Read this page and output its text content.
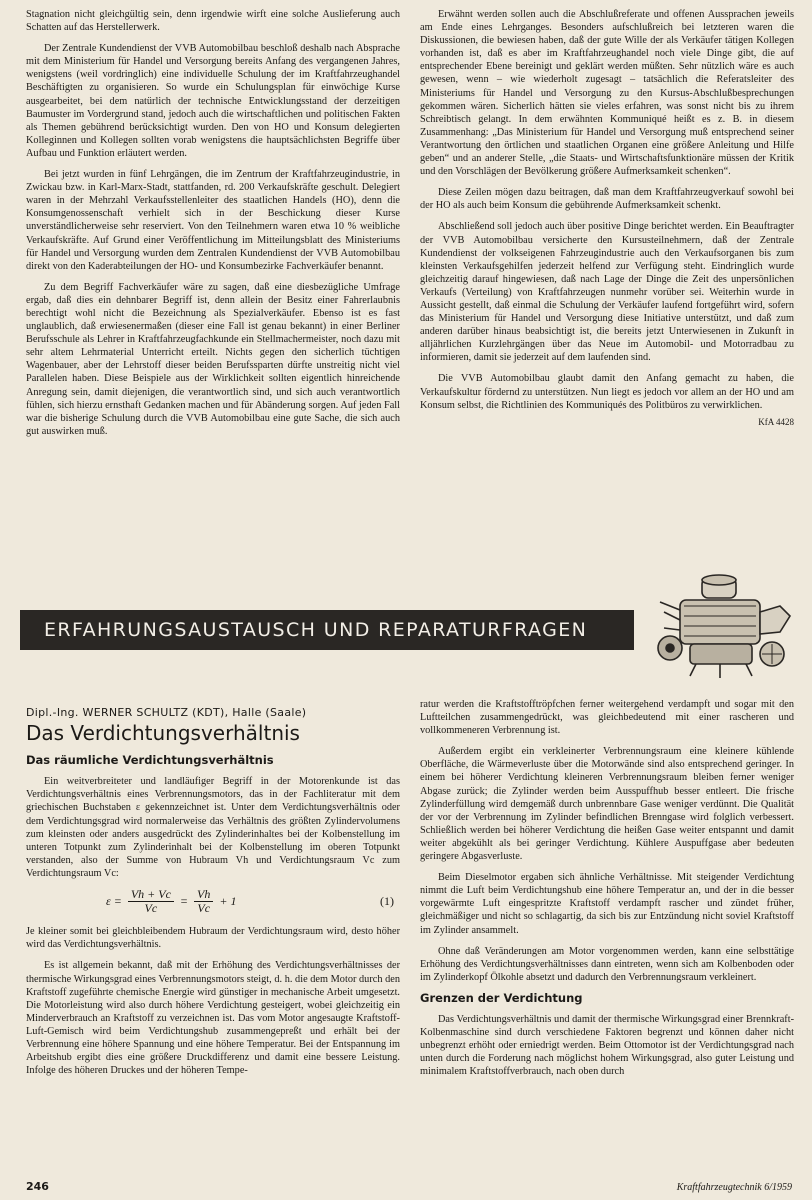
Stagnation nicht gleichgültig sein, denn irgendwie wirft eine solche Auslieferung auch Schatten auf das Herstellerwerk.

Der Zentrale Kundendienst der VVB Automobilbau beschloß deshalb nach Absprache mit dem Ministerium für Handel und Versorgung bereits Anfang des vergangenen Jahres, wenigstens (weil vordringlich) eine individuelle Schulung der im Kraftfahrzeughandel Beschäftigten zu organisieren. So wurde ein Schulungsplan für einwöchige Kurse ausgearbeitet, bei dem natürlich der technische Entwicklungsstand der derzeitigen Baumuster im Vordergrund stand, jedoch auch die wirtschaftlichen und politischen Fakten als Themen gebührend berücksichtigt wurden. Den von HO und Konsum delegierten Kolleginnen und Kollegen sollten vorab wenigstens die hauptsächlichsten Begriffe über Aufbau und Funktion erläutert werden.

Bei jetzt wurden in fünf Lehrgängen, die im Zentrum der Kraftfahrzeugindustrie, in Zwickau bzw. in Karl-Marx-Stadt, stattfanden, rd. 200 Verkaufskräfte geschult. Delegiert waren in der Mehrzahl Verkaufsstellenleiter des staatlichen Handels (HO), denn die Konsumgenossenschaft verhielt sich in der Beschickung dieser Kurse unverständlicherweise sehr reserviert. Von den Teilnehmern waren etwa 10 % weibliche Verkaufskräfte. Auf Grund einer Veröffentlichung im Mitteilungsblatt des Ministeriums für Handel und Versorgung wurden dem Zentralen Kundendienst der VVB Automobilbau direkt von den Kaderabteilungen der HO- und Konsumbezirke Fachverkäufer benannt.

Zu dem Begriff Fachverkäufer wäre zu sagen, daß eine diesbezügliche Umfrage ergab, daß dies ein dehnbarer Begriff ist, denn allein der Besitz einer Fahrerlaubnis berechtigt wohl nicht die Bezeichnung als Spezialverkäufer. Ebenso ist es fast unglaublich, daß erwiesenermaßen (dieser eine Fall ist genau bekannt) in einer Berliner Berufsschule als Lehrer in Kraftfahrzeugfachkunde ein Stellmachermeister, noch dazu mit sehr altem Lehrmaterial Unterricht erteilt. Nichts gegen den sicherlich tüchtigen Wagenbauer, aber der Lehrstoff dieser beiden Berufssparten dürfte unstreitig nicht viel Parallelen haben. Diese Beispiele aus der Wirklichkeit sollten eigentlich hinreichende Anregung sein, damit diejenigen, die verantwortlich sind, und sich auch verantwortlich fühlen, sich hierzu ernsthaft Gedanken machen und für Abänderung sorgen. Auf jeden Fall war die bisherige Schulung durch die VVB Automobilbau eine gute Sache, die sich auch gut auswirken muß.

Erwähnt werden sollen auch die Abschlußreferate und offenen Aussprachen jeweils am Ende eines Lehrganges. Besonders aufschlußreich bei letzteren waren die Diskussionen, die bewiesen haben, daß der gute Wille der als Verkäufer tätigen Kollegen vorhanden ist, daß es aber im Kraftfahrzeughandel noch viele Dinge gibt, die auf entsprechender Ebene bereinigt und geklärt werden müßten. Sehr nützlich wäre es auch gewesen, wenn – wie wiederholt zugesagt – tatsächlich die Referatsleiter des Ministeriums für Handel und Versorgung zu den Kursus-Abschlußbesprechungen gekommen wären. Sicherlich hätten sie vieles erfahren, was sonst nicht bis zu ihrem Schreibtisch gelangt. In dem erwähnten Kommuniqué heißt es z. B. in diesem Zusammenhang: „Das Ministerium für Handel und Versorgung muß entsprechend seiner Verantwortung den örtlichen und staatlichen Organen eine größere Anleitung und Hilfe geben“ und an anderer Stelle, „die Staats- und Wirtschaftsfunktionäre müssen der Kritik und den Vorschlägen der Bevölkerung größere Aufmerksamkeit schenken“.

Diese Zeilen mögen dazu beitragen, daß man dem Kraftfahrzeugverkauf sowohl bei der HO als auch beim Konsum die gebührende Aufmerksamkeit schenkt.

Abschließend soll jedoch auch über positive Dinge berichtet werden. Ein Beauftragter der VVB Automobilbau versicherte den Kursusteilnehmern, daß der Zentrale Kundendienst der volkseigenen Fahrzeugindustrie auch den Verkaufsorganen bis zum kleinsten Verkaufsgehilfen jederzeit helfend zur Verfügung steht. Eindringlich wurde gleichzeitig darauf hingewiesen, daß nach Lage der Dinge die Zeit des unpersönlichen Verkaufs (Verteilung) von Kraftfahrzeugen nunmehr vorüber sei. Weiterhin wurde in Aussicht gestellt, daß einmal die Schulung der Verkäufer laufend fortgeführt wird, sofern das Ministerium für Handel und Versorgung diese Initiative unterstützt, und daß zum anderen darüber hinaus beabsichtigt ist, die bereits jetzt Unterwiesenen in Zukunft in alljährlichen Kurzlehrgängen über das Neue im Automobil- und Motorradbau zu informieren, damit sie jederzeit auf dem laufenden sind.

Die VVB Automobilbau glaubt damit den Anfang gemacht zu haben, die Verkaufskultur fördernd zu unterstützen. Nun liegt es jedoch vor allem an der HO und am Konsum selbst, die Richtlinien des Kommuniqués des Politbüros zu verwirklichen.

KfA 4428
ERFAHRUNGSAUSTAUSCH UND REPARATURFRAGEN
Dipl.-Ing. WERNER SCHULTZ (KDT), Halle (Saale)
Das Verdichtungsverhältnis
Das räumliche Verdichtungsverhältnis

Ein weitverbreiteter und landläufiger Begriff in der Motorenkunde ist das Verdichtungsverhältnis eines Verbrennungsmotors, das in der Fachliteratur mit dem griechischen Buchstaben ε gekennzeichnet ist. Unter dem Verdichtungsverhältnis oder dem Verdichtungsgrad wird normalerweise das Verhältnis des größten Zylindervolumens zum kleinsten oder anders ausgedrückt des Zylinderinhaltes bei der Kolbenstellung im unteren Totpunkt zum Zylinderinhalt bei der Kolbenstellung im oberen Totpunkt verstanden, also der Summe von Hubraum Vh und Verdichtungsraum Vc zum Verdichtungsraum Vc:

$\varepsilon = \frac{Vh + Vc}{Vc} = \frac{Vh}{Vc} + 1$	(1)

Je kleiner somit bei gleichbleibendem Hubraum der Verdichtungsraum wird, desto höher wird das Verdichtungsverhältnis.

Es ist allgemein bekannt, daß mit der Erhöhung des Verdichtungsverhältnisses der thermische Wirkungsgrad eines Verbrennungsmotors steigt, d. h. die dem Motor durch den Kraftstoff zugeführte chemische Energie wird günstiger in mechanische Arbeit umgesetzt. Die Motorleistung wird also durch höhere Verdichtung gesteigert, wobei gleichzeitig ein Minderverbrauch an Kraftstoff zu verzeichnen ist. Das vom Motor angesaugte Kraftstoff-Luft-Gemisch wird beim Verdichtungshub zusammengepreßt und erhält bei der Verbrennung eine höhere Spannung und eine höhere Temperatur. Bei der Entspannung im Arbeitshub ergibt dies eine größere Druckdifferenz und damit eine bessere Leistung. Infolge des höheren Druckes und der höheren Tempe-

ratur werden die Kraftstofftröpfchen ferner weitergehend verdampft und sogar mit den Luftteilchen zusammengedrückt, was gleichbedeutend mit einer rascheren und vollkommeneren Verbrennung ist.

Außerdem ergibt ein verkleinerter Verbrennungsraum eine kleinere kühlende Oberfläche, die Wärmeverluste über die Motorwände sind also entsprechend geringer. In einem bei höherer Verdichtung kleineren Verbrennungsraum bleiben ferner weniger Abgase zurück; die Zylinder werden beim Ausspuffhub besser entleert. Die frische Zylinderfüllung wird demgemäß durch unbrennbare Gase weniger verdünnt. Die Qualität der vor der Verbrennung im Zylinder befindlichen Brenngase wird folglich verbessert. Schließlich werden bei höherer Verdichtung die heißen Gase weiter entspannt und damit weiter abgekühlt als bei geringer Verdichtung. Kühlere Auspuffgase aber bedeuten geringere Abgasverluste.

Beim Dieselmotor ergaben sich ähnliche Verhältnisse. Mit steigender Verdichtung nimmt die Luft beim Verdichtungshub eine höhere Temperatur an, und der in die besser vorgewärmte Luft eingespritzte Kraftstoff verdampft rascher und zündet früher, gleichmäßiger und nicht so schlagartig, da sich bis zur Entzündung nicht soviel Kraftstoff im Zylinder ansammelt.

Ohne daß Veränderungen am Motor vorgenommen werden, kann eine selbsttätige Erhöhung des Verdichtungsverhältnisses dann eintreten, wenn sich am Kolbenboden oder im Zylinderkopf Ölkohle absetzt und dadurch den Verbrennungsraum verkleinert.

Grenzen der Verdichtung

Das Verdichtungsverhältnis und damit der thermische Wirkungsgrad einer Brennkraft-Kolbenmaschine sind durch verschiedene Faktoren begrenzt und können daher nicht unbegrenzt erhöht oder erniedrigt werden. Beim Ottomotor ist der Verdichtungsgrad nach unten durch die Forderung nach möglichst hohem Wirkungsgrad, also guter Leistung und minimalem Kraftstoffverbrauch, nach oben durch

246	Kraftfahrzeugtechnik 6/1959
